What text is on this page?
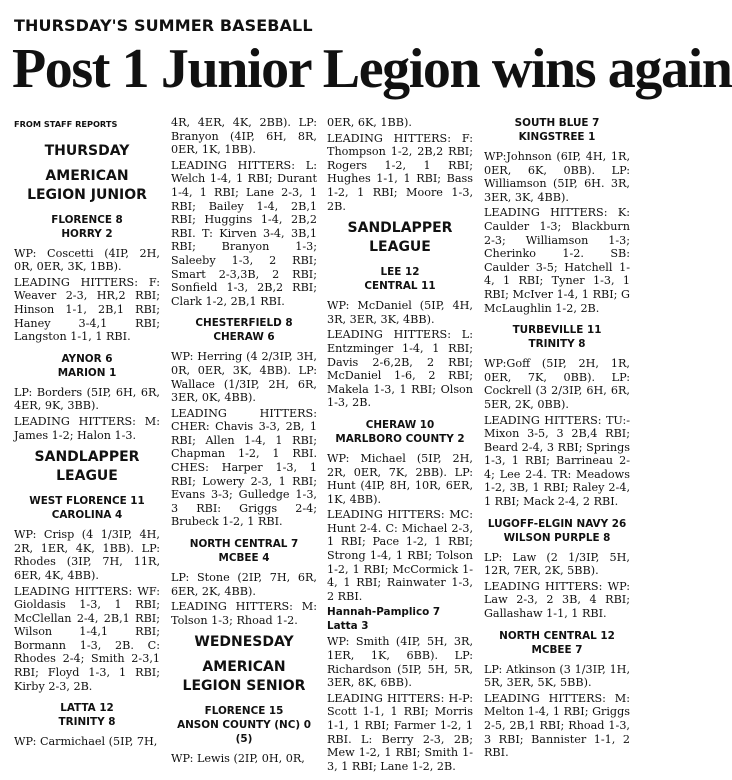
THURSDAY'S SUMMER BASEBALL
Post 1 Junior Legion wins again
FROM STAFF REPORTS
THURSDAY
AMERICAN LEGION JUNIOR
FLORENCE 8
HORRY 2

WP: Coscetti (4IP, 2H, 0R, 0ER, 3K, 1BB).

LEADING HITTERS: F: Weaver 2-3, HR,2 RBI; Hinson 1-1, 2B,1 RBI; Haney 3-4,1 RBI; Langston 1-1, 1 RBI.

AYNOR 6
MARION 1

LP: Borders (5IP, 6H, 6R, 4ER, 9K, 3BB).

LEADING HITTERS: M: James 1-2; Halon 1-3.

SANDLAPPER LEAGUE
WEST FLORENCE 11
CAROLINA 4

WP: Crisp (4 1/3IP, 4H, 2R, 1ER, 4K, 1BB). LP: Rhodes (3IP, 7H, 11R, 6ER, 4K, 4BB).

LEADING HITTERS: WF: Gioldasis 1-3, 1 RBI; McClellan 2-4, 2B,1 RBI; Wilson 1-4,1 RBI; Bormann 1-3, 2B. C: Rhodes 2-4; Smith 2-3,1 RBI; Floyd 1-3, 1 RBI; Kirby 2-3, 2B.

LATTA 12
TRINITY 8

WP: Carmichael (5IP, 7H,

4R, 4ER, 4K, 2BB). LP: Branyon (4IP, 6H, 8R, 0ER, 1K, 1BB).

LEADING HITTERS: L: Welch 1-4, 1 RBI; Durant 1-4, 1 RBI; Lane 2-3, 1 RBI; Bailey 1-4, 2B,1 RBI; Huggins 1-4, 2B,2 RBI. T: Kirven 3-4, 3B,1 RBI; Branyon 1-3; Saleeby 1-3, 2 RBI; Smart 2-3,3B, 2 RBI; Sonfield 1-3, 2B,2 RBI; Clark 1-2, 2B,1 RBI.

CHESTERFIELD 8
CHERAW 6

WP: Herring (4 2/3IP, 3H, 0R, 0ER, 3K, 4BB). LP: Wallace (1/3IP, 2H, 6R, 3ER, 0K, 4BB).

LEADING HITTERS: CHER: Chavis 3-3, 2B, 1 RBI; Allen 1-4, 1 RBI; Chapman 1-2, 1 RBI. CHES: Harper 1-3, 1 RBI; Lowery 2-3, 1 RBI; Evans 3-3; Gulledge 1-3, 3 RBI: Griggs 2-4; Brubeck 1-2, 1 RBI.

NORTH CENTRAL 7
MCBEE 4

LP: Stone (2IP, 7H, 6R, 6ER, 2K, 4BB).

LEADING HITTERS: M: Tolson 1-3; Rhoad 1-2.

WEDNESDAY
AMERICAN LEGION SENIOR
FLORENCE 15
ANSON COUNTY (NC) 0 (5)

WP: Lewis (2IP, 0H, 0R,

0ER, 6K, 1BB).

LEADING HITTERS: F: Thompson 1-2, 2B,2 RBI; Rogers 1-2, 1 RBI; Hughes 1-1, 1 RBI; Bass 1-2, 1 RBI; Moore 1-3, 2B.

SANDLAPPER LEAGUE
LEE 12
CENTRAL 11

WP: McDaniel (5IP, 4H, 3R, 3ER, 3K, 4BB).

LEADING HITTERS: L: Entzminger 1-4, 1 RBI; Davis 2-6,2B, 2 RBI; McDaniel 1-6, 2 RBI; Makela 1-3, 1 RBI; Olson 1-3, 2B.

CHERAW 10
MARLBORO COUNTY 2

WP: Michael (5IP, 2H, 2R, 0ER, 7K, 2BB). LP: Hunt (4IP, 8H, 10R, 6ER, 1K, 4BB).

LEADING HITTERS: MC: Hunt 2-4. C: Michael 2-3, 1 RBI; Pace 1-2, 1 RBI; Strong 1-4, 1 RBI; Tolson 1-2, 1 RBI; McCormick 1-4, 1 RBI; Rainwater 1-3, 2 RBI.

Hannah-Pamplico 7
Latta 3

WP: Smith (4IP, 5H, 3R, 1ER, 1K, 6BB). LP: Richardson (5IP, 5H, 5R, 3ER, 8K, 6BB).

LEADING HITTERS: H-P: Scott 1-1, 1 RBI; Morris 1-1, 1 RBI; Farmer 1-2, 1 RBI. L: Berry 2-3, 2B; Mew 1-2, 1 RBI; Smith 1-3, 1 RBI; Lane 1-2, 2B.

SOUTH BLUE 7
KINGSTREE 1

WP:Johnson (6IP, 4H, 1R, 0ER, 6K, 0BB). LP: Williamson (5IP, 6H. 3R, 3ER, 3K, 4BB).

LEADING HITTERS: K: Caulder 1-3; Blackburn 2-3; Williamson 1-3; Cherinko 1-2. SB: Caulder 3-5; Hatchell 1-4, 1 RBI; Tyner 1-3, 1 RBI; McIver 1-4, 1 RBI; G McLaughlin 1-2, 2B.

TURBEVILLE 11
TRINITY 8

WP:Goff (5IP, 2H, 1R, 0ER, 7K, 0BB). LP: Cockrell (3 2/3IP, 6H, 6R, 5ER, 2K, 0BB).

LEADING HITTERS: TU:- Mixon 3-5, 3 2B,4 RBI; Beard 2-4, 3 RBI; Springs 1-3, 1 RBI; Barrineau 2-4; Lee 2-4. TR: Meadows 1-2, 3B, 1 RBI; Raley 2-4, 1 RBI; Mack 2-4, 2 RBI.

LUGOFF-ELGIN NAVY 26
WILSON PURPLE 8

LP: Law (2 1/3IP, 5H, 12R, 7ER, 2K, 5BB).

LEADING HITTERS: WP: Law 2-3, 2 3B, 4 RBI; Gallashaw 1-1, 1 RBI.

NORTH CENTRAL 12
MCBEE 7

LP: Atkinson (3 1/3IP, 1H, 5R, 3ER, 5K, 5BB).

LEADING HITTERS: M: Melton 1-4, 1 RBI; Griggs 2-5, 2B,1 RBI; Rhoad 1-3, 3 RBI; Bannister 1-1, 2 RBI.
